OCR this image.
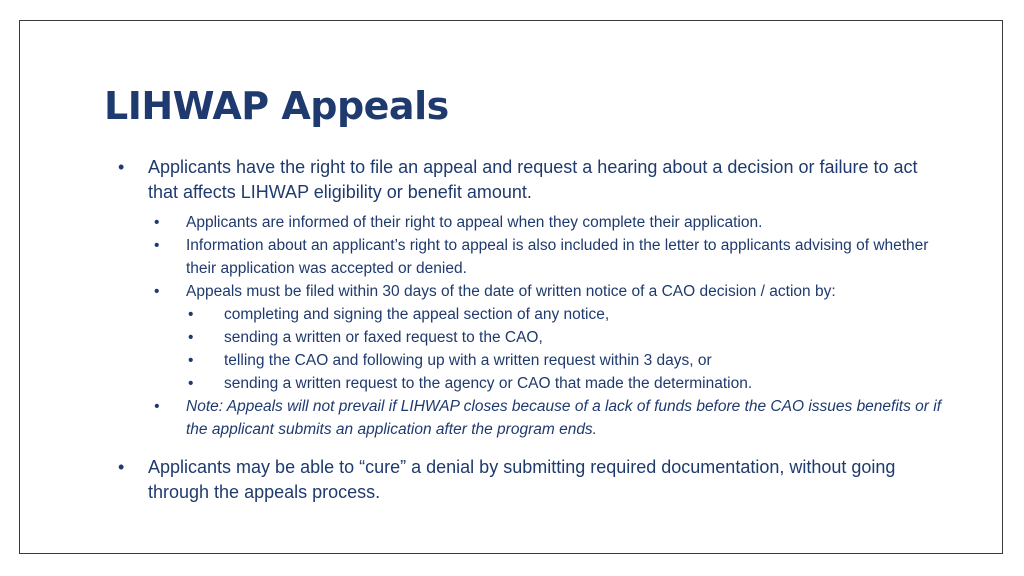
LIHWAP Appeals
• Applicants have the right to file an appeal and request a hearing about a decision or failure to act that affects LIHWAP eligibility or benefit amount.
• Applicants are informed of their right to appeal when they complete their application.
• Information about an applicant’s right to appeal is also included in the letter to applicants advising of whether their application was accepted or denied.
• Appeals must be filed within 30 days of the date of written notice of a CAO decision / action by:
• completing and signing the appeal section of any notice,
• sending a written or faxed request to the CAO,
• telling the CAO and following up with a written request within 3 days, or
• sending a written request to the agency or CAO that made the determination.
• Note: Appeals will not prevail if LIHWAP closes because of a lack of funds before the CAO issues benefits or if the applicant submits an application after the program ends.
• Applicants may be able to “cure” a denial by submitting required documentation, without going through the appeals process.
